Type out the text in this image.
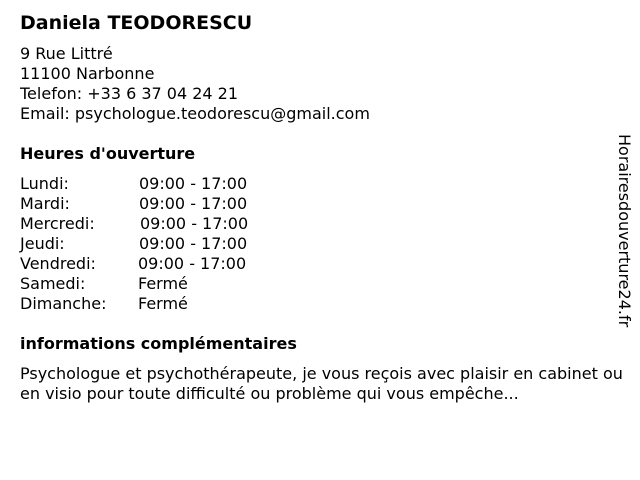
Daniela TEODORESCU
9 Rue Littré
11100 Narbonne
Telefon: +33 6 37 04 24 21
Email: psychologue.teodorescu@gmail.com
Heures d'ouverture
Lundi:	09:00 - 17:00
Mardi:	09:00 - 17:00
Mercredi:	09:00 - 17:00
Jeudi:	09:00 - 17:00
Vendredi:	09:00 - 17:00
Samedi:	Fermé
Dimanche: Fermé
informations complémentaires
Psychologue et psychothérapeute, je vous reçois avec plaisir en cabinet ou en visio pour toute difficulté ou problème qui vous empêche...
Horairesdouverture24.fr
